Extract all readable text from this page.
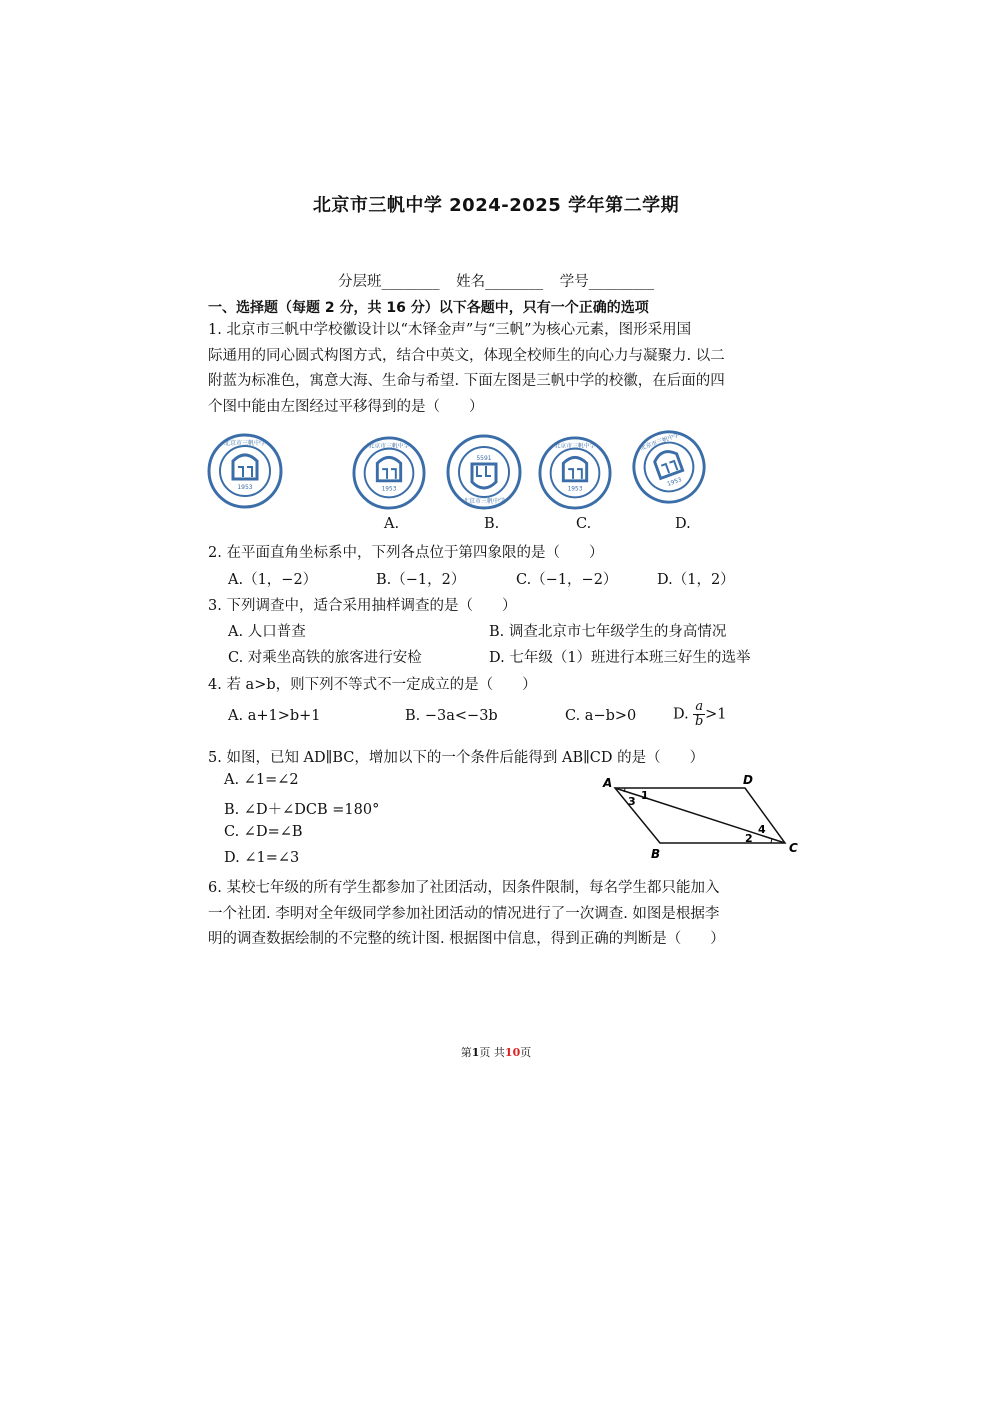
北京市三帆中学 2024-2025 学年第二学期
分层班________ 姓名________ 学号_________
一、选择题（每题 2 分，共 16 分）以下各题中，只有一个正确的选项
1. 北京市三帆中学校徽设计以“木铎金声”与“三帆”为核心元素，图形采用国
际通用的同心圆式构图方式，结合中英文，体现全校师生的向心力与凝聚力. 以二
附蓝为标准色，寓意大海、生命与希望. 下面左图是三帆中学的校徽，在后面的四
个图中能由左图经过平移得到的是（　　）
1953
北京市三帆中学
1953
北京市三帆中学
5591
北京市三帆中学
1953
北京市三帆中学
1953
北京市三帆中学
A.	B.	C.	D.
2. 在平面直角坐标系中，下列各点位于第四象限的是（　　）
A.（1，−2）	B.（−1，2）	C.（−1，−2）	D.（1，2）
3. 下列调查中，适合采用抽样调查的是（　　）
A. 人口普查	B. 调查北京市七年级学生的身高情况
C. 对乘坐高铁的旅客进行安检	D. 七年级（1）班进行本班三好生的选举
4. 若 a>b，则下列不等式不一定成立的是（　　）
A. a+1>b+1	B. −3a<−3b	C. a−b>0	D. $\frac{a}{b} >1$
5. 如图，已知 AD∥BC，增加以下的一个条件后能得到 AB∥CD 的是（　　）
A. ∠1=∠2
B. ∠D＋∠DCB =180°
C. ∠D=∠B
D. ∠1=∠3
A	D
B	C
1
2
3
4
6. 某校七年级的所有学生都参加了社团活动，因条件限制，每名学生都只能加入
一个社团. 李明对全年级同学参加社团活动的情况进行了一次调查. 如图是根据李
明的调查数据绘制的不完整的统计图. 根据图中信息，得到正确的判断是（　　）
第1页 共10页
